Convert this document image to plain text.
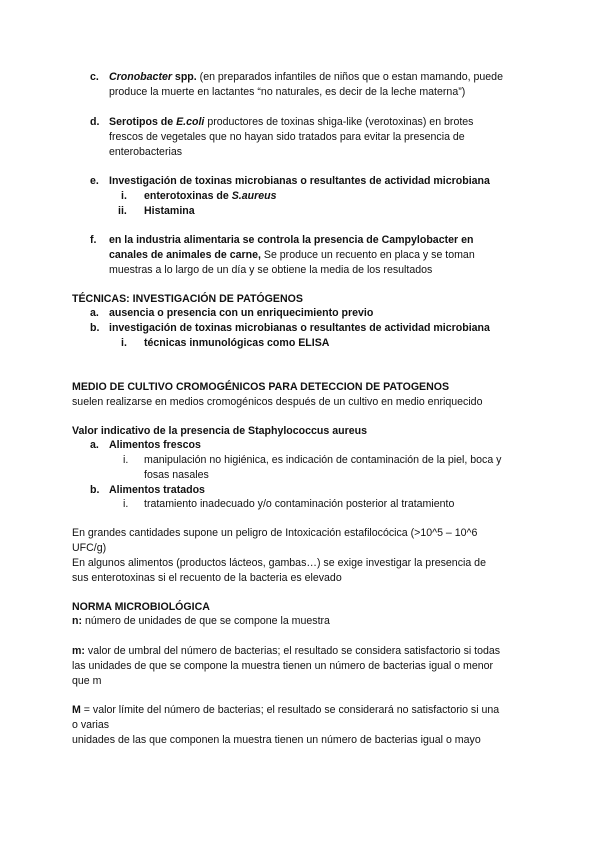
c. Cronobacter spp. (en preparados infantiles de niños que o estan mamando, puede
produce la muerte en lactantes “no naturales, es decir de la leche materna”)
d. Serotipos de E.coli productores de toxinas shiga-like (verotoxinas) en brotes
frescos de vegetales que no hayan sido tratados para evitar la presencia de
enterobacterias
e. Investigación de toxinas microbianas o resultantes de actividad microbiana
i. enterotoxinas de S.aureus
ii. Histamina
f. en la industria alimentaria se controla la presencia de Campylobacter en
canales de animales de carne, Se produce un recuento en placa y se toman
muestras a lo largo de un día y se obtiene la media de los resultados
TÉCNICAS: INVESTIGACIÓN DE PATÓGENOS
a. ausencia o presencia con un enriquecimiento previo
b. investigación de toxinas microbianas o resultantes de actividad microbiana
i. técnicas inmunológicas como ELISA
MEDIO DE CULTIVO CROMOGÉNICOS PARA DETECCION DE PATOGENOS
suelen realizarse en medios cromogénicos después de un cultivo en medio enriquecido
Valor indicativo de la presencia de Staphylococcus aureus
a. Alimentos frescos
i. manipulación no higiénica, es indicación de contaminación de la piel, boca y
fosas nasales
b. Alimentos tratados
i. tratamiento inadecuado y/o contaminación posterior al tratamiento
En grandes cantidades supone un peligro de Intoxicación estafilocócica (>10^5 – 10^6
UFC/g)
En algunos alimentos (productos lácteos, gambas…) se exige investigar la presencia de
sus enterotoxinas si el recuento de la bacteria es elevado
NORMA MICROBIOLÓGICA
n: número de unidades de que se compone la muestra
m: valor de umbral del número de bacterias; el resultado se considera satisfactorio si todas
las unidades de que se compone la muestra tienen un número de bacterias igual o menor
que m
M = valor límite del número de bacterias; el resultado se considerará no satisfactorio si una
o varias
unidades de las que componen la muestra tienen un número de bacterias igual o mayo
